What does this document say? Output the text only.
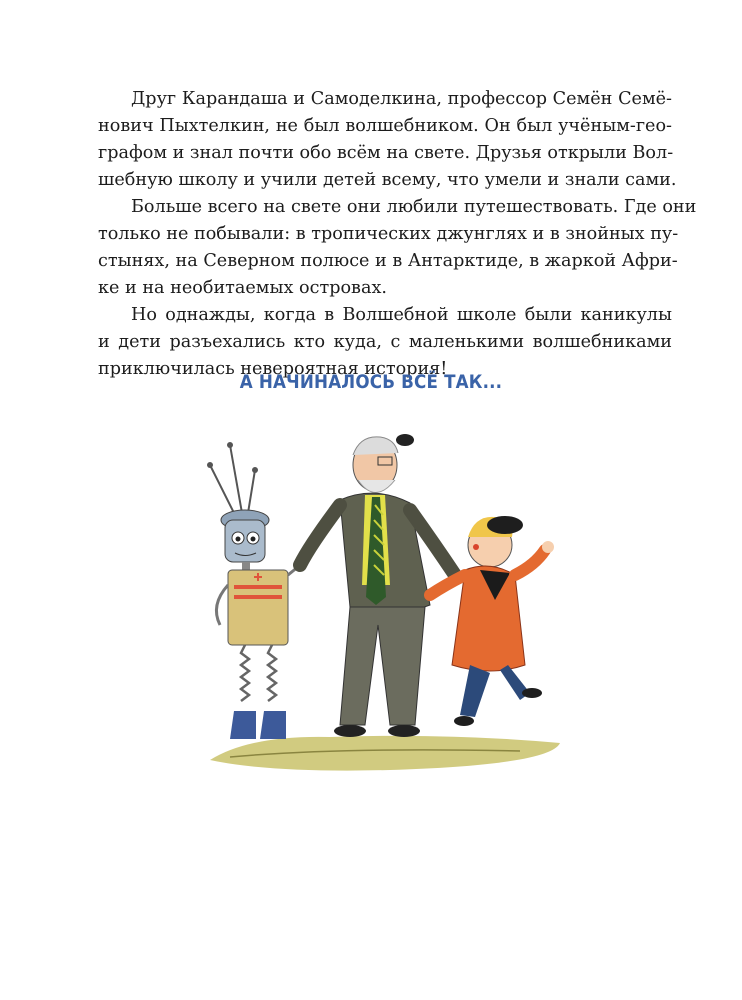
Друг Карандаша и Самоделкина, профессор Семён Семё-
нович Пыхтелкин, не был волшебником. Он был учёным-гео-
графом и знал почти обо всём на свете. Друзья открыли Вол-
шебную школу и учили детей всему, что умели и знали сами.

Больше всего на свете они любили путешествовать. Где они
только не побывали: в тропических джунглях и в знойных пу-
стынях, на Северном полюсе и в Антарктиде, в жаркой Афри-
ке и на необитаемых островах.

Но однажды, когда в Волшебной школе были каникулы
и дети разъехались кто куда, с маленькими волшебниками
приключилась невероятная история!

А НАЧИНАЛОСЬ ВСЁ ТАК...
